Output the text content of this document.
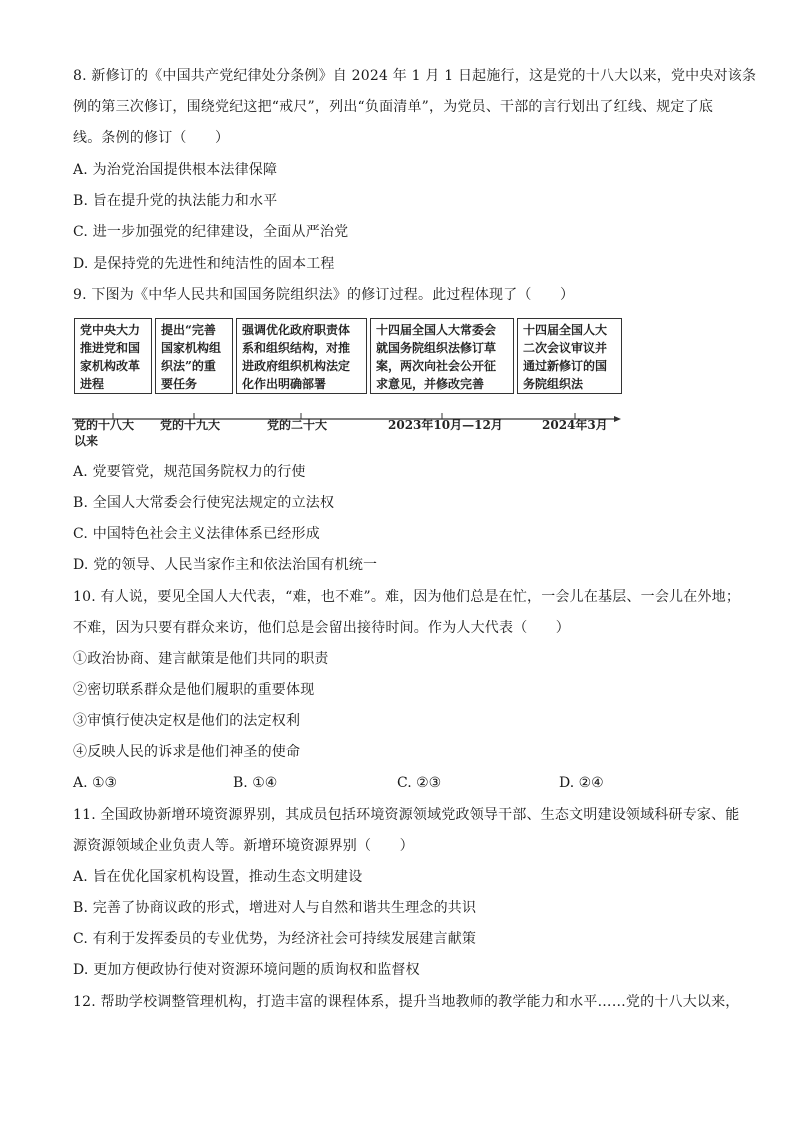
8. 新修订的《中国共产党纪律处分条例》自 2024 年 1 月 1 日起施行，这是党的十八大以来，党中央对该条
例的第三次修订，围绕党纪这把“戒尺”，列出“负面清单”，为党员、干部的言行划出了红线、规定了底
线。条例的修订（　　）
A. 为治党治国提供根本法律保障
B. 旨在提升党的执法能力和水平
C. 进一步加强党的纪律建设，全面从严治党
D. 是保持党的先进性和纯洁性的固本工程
9. 下图为《中华人民共和国国务院组织法》的修订过程。此过程体现了（　　）
党中央大力
推进党和国
家机构改革
进程
提出“完善
国家机构组
织法”的重
要任务
强调优化政府职责体
系和组织结构，对推
进政府组织机构法定
化作出明确部署
十四届全国人大常委会
就国务院组织法修订草
案，两次向社会公开征
求意见，并修改完善
十四届全国人大
二次会议审议并
通过新修订的国
务院组织法
党的十八大
以来
党的十九大	党的二十大	2023年10月—12月	2024年3月
A. 党要管党，规范国务院权力的行使
B. 全国人大常委会行使宪法规定的立法权
C. 中国特色社会主义法律体系已经形成
D. 党的领导、人民当家作主和依法治国有机统一
10. 有人说，要见全国人大代表，“难，也不难”。难，因为他们总是在忙，一会儿在基层、一会儿在外地；
不难，因为只要有群众来访，他们总是会留出接待时间。作为人大代表（　　）
①政治协商、建言献策是他们共同的职责
②密切联系群众是他们履职的重要体现
③审慎行使决定权是他们的法定权利
④反映人民的诉求是他们神圣的使命
A. ①③	B. ①④	C. ②③	D. ②④
11. 全国政协新增环境资源界别，其成员包括环境资源领域党政领导干部、生态文明建设领域科研专家、能
源资源领域企业负责人等。新增环境资源界别（　　）
A. 旨在优化国家机构设置，推动生态文明建设
B. 完善了协商议政的形式，增进对人与自然和谐共生理念的共识
C. 有利于发挥委员的专业优势，为经济社会可持续发展建言献策
D. 更加方便政协行使对资源环境问题的质询权和监督权
12. 帮助学校调整管理机构，打造丰富的课程体系，提升当地教师的教学能力和水平……党的十八大以来，
